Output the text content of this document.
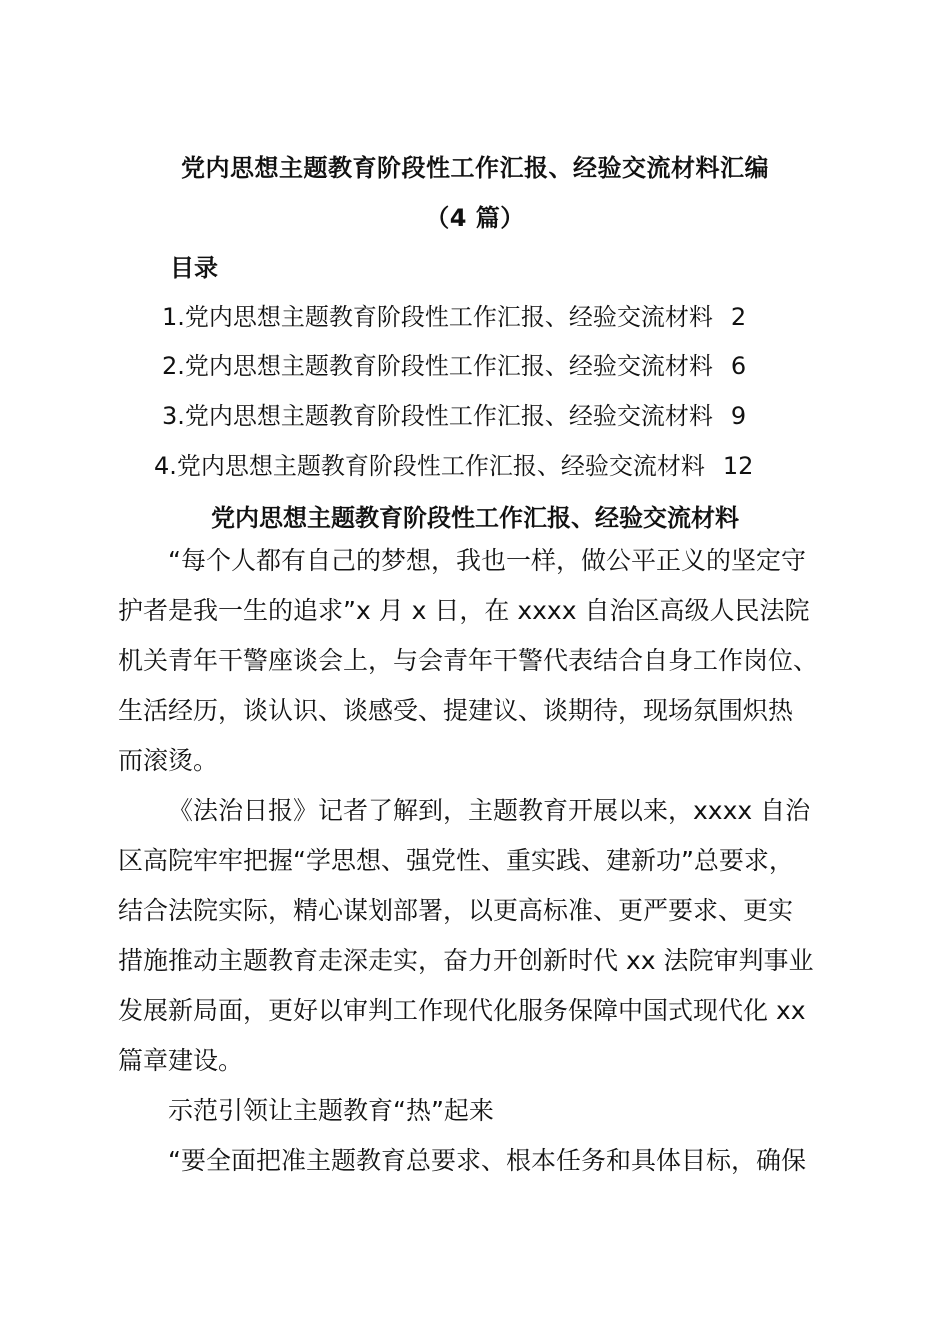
党内思想主题教育阶段性工作汇报、经验交流材料汇编
（4 篇）
目录
1.党内思想主题教育阶段性工作汇报、经验交流材料 2
2.党内思想主题教育阶段性工作汇报、经验交流材料 6
3.党内思想主题教育阶段性工作汇报、经验交流材料 9
4.党内思想主题教育阶段性工作汇报、经验交流材料 12
党内思想主题教育阶段性工作汇报、经验交流材料
“每个人都有自己的梦想，我也一样，做公平正义的坚定守
护者是我一生的追求”x 月 x 日，在 xxxx 自治区高级人民法院
机关青年干警座谈会上，与会青年干警代表结合自身工作岗位、
生活经历，谈认识、谈感受、提建议、谈期待，现场氛围炽热
而滚烫。
《法治日报》记者了解到，主题教育开展以来，xxxx 自治
区高院牢牢把握“学思想、强党性、重实践、建新功”总要求，
结合法院实际，精心谋划部署，以更高标准、更严要求、更实
措施推动主题教育走深走实，奋力开创新时代 xx 法院审判事业
发展新局面，更好以审判工作现代化服务保障中国式现代化 xx
篇章建设。
示范引领让主题教育“热”起来
“要全面把准主题教育总要求、根本任务和具体目标，确保
